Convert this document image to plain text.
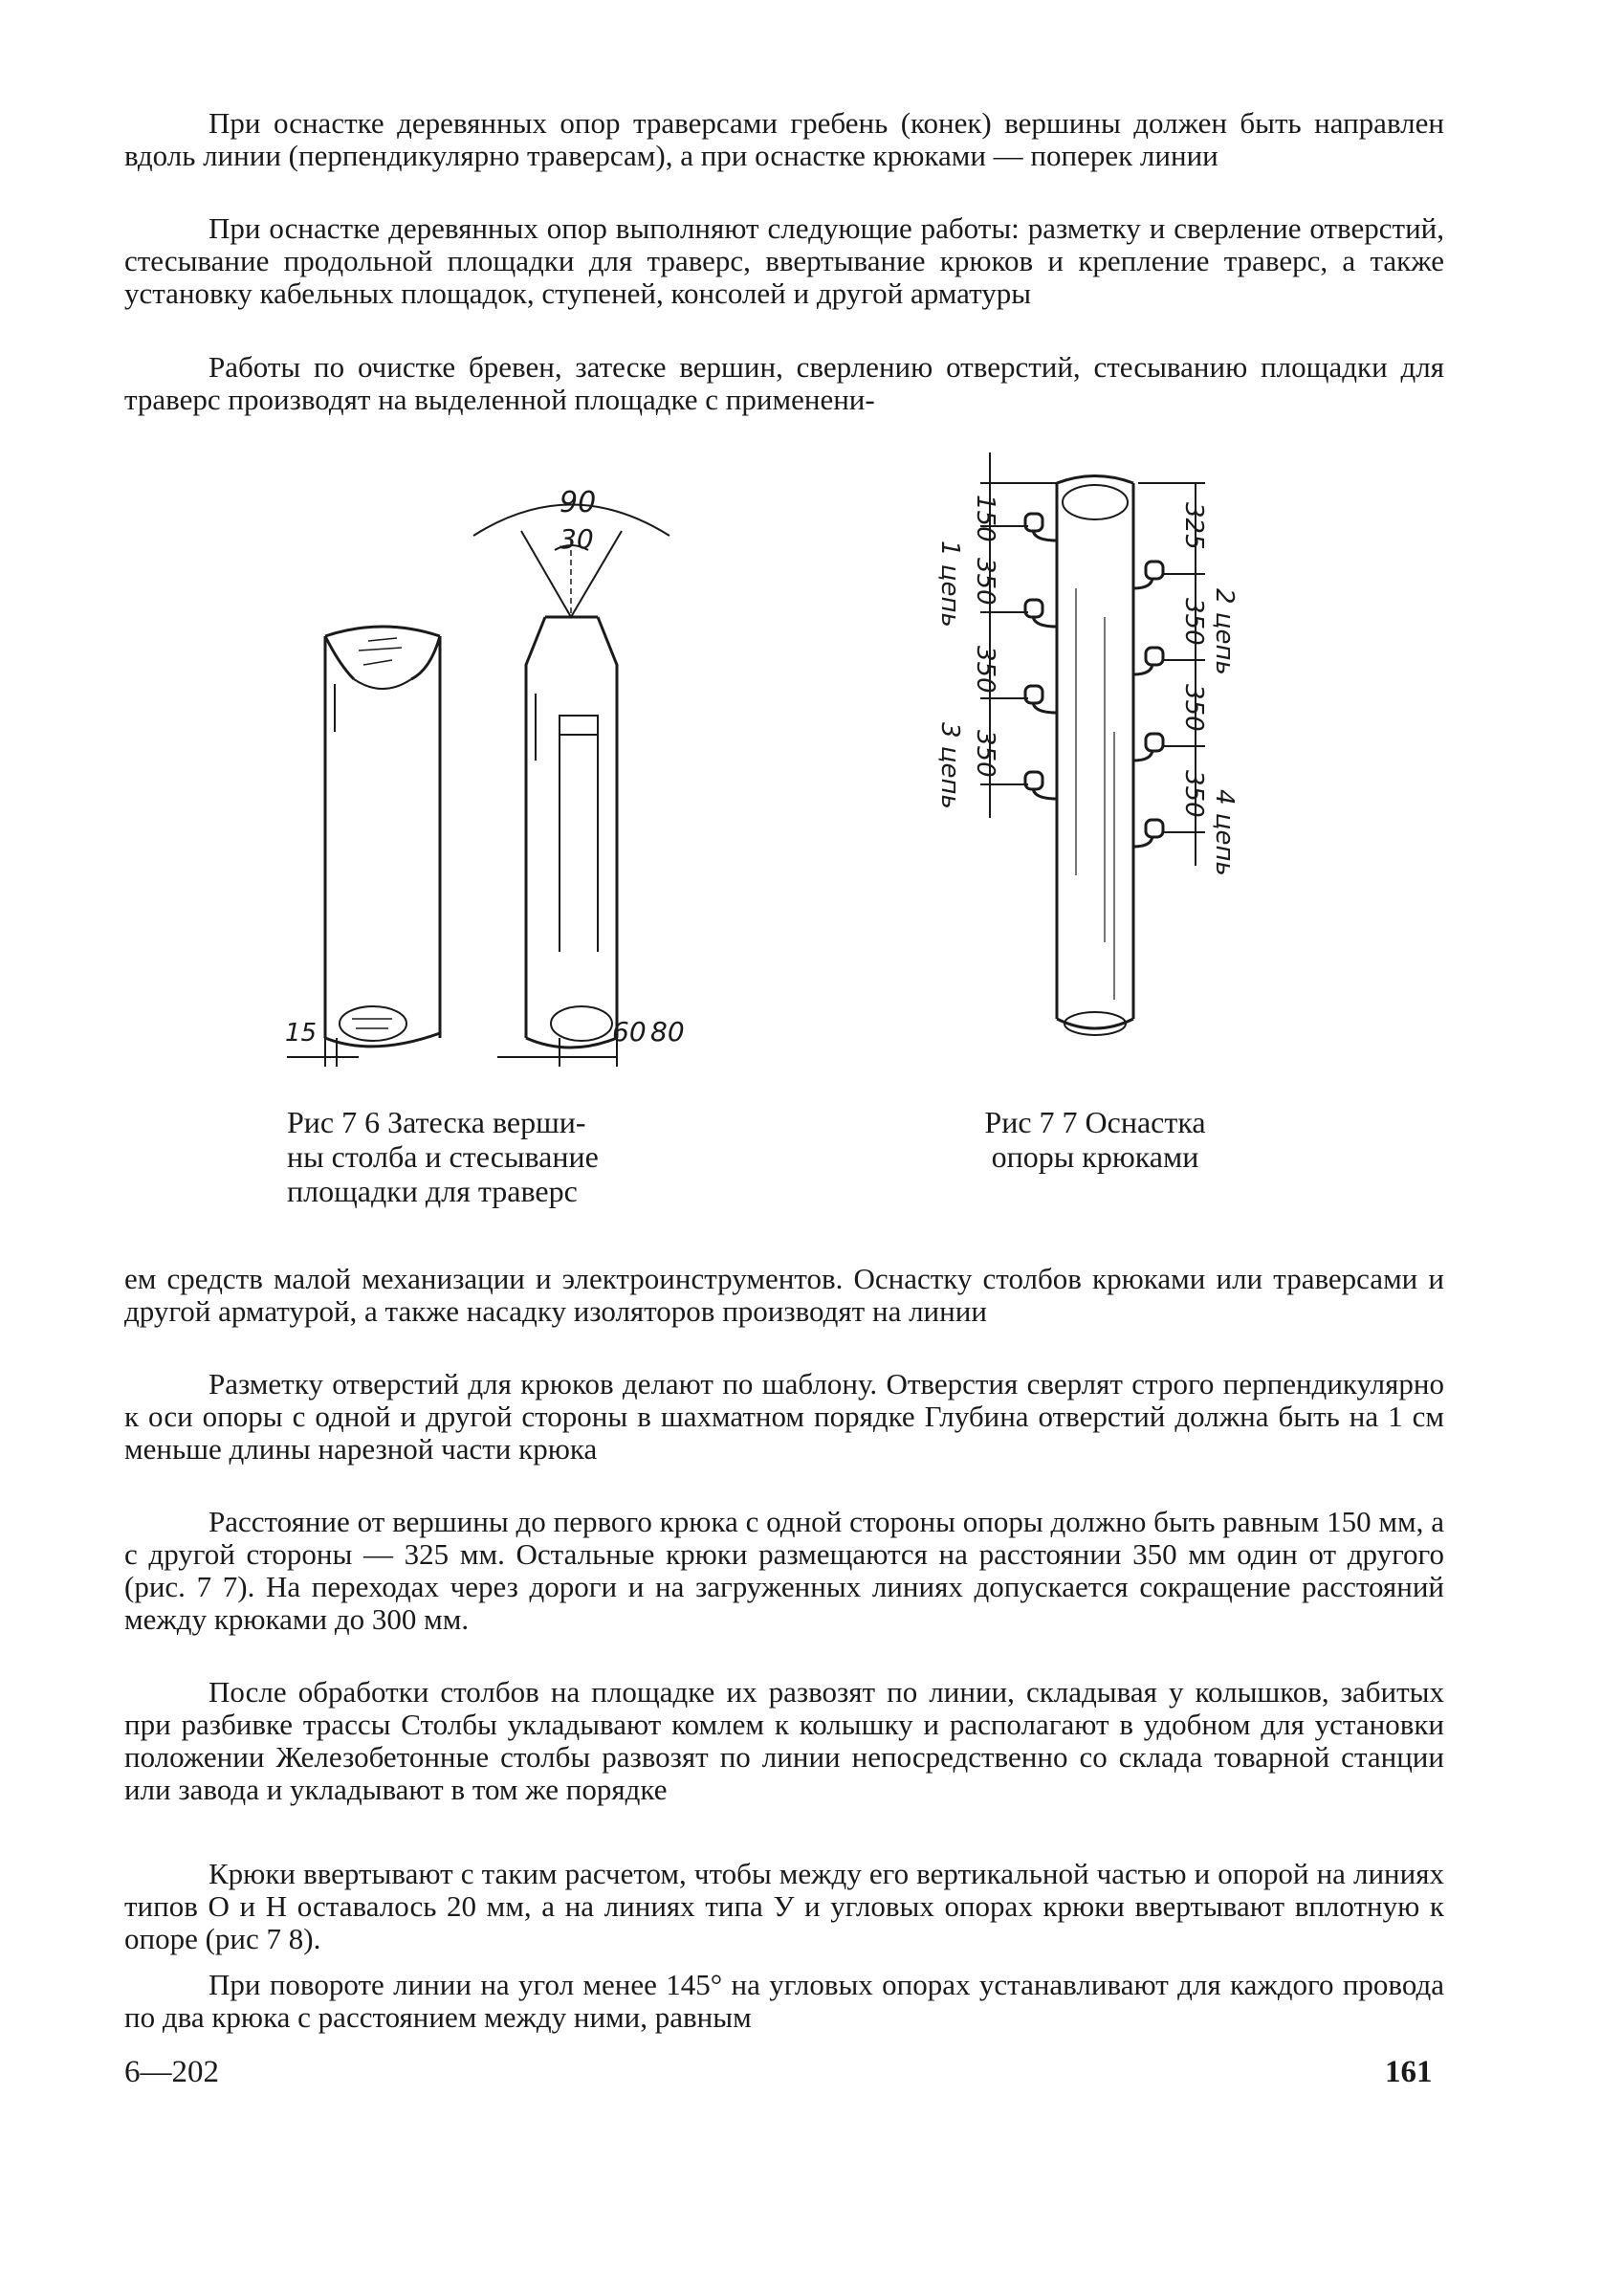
При оснастке деревянных опор траверсами гребень (конек) вершины должен быть направлен вдоль линии (перпендикулярно траверсам), а при оснастке крюками — поперек линии

При оснастке деревянных опор выполняют следующие работы: разметку и сверление отверстий, стесывание продольной площадки для траверс, ввертывание крюков и крепление траверс, а также установку кабельных площадок, ступеней, консолей и другой арматуры

Работы по очистке бревен, затеске вершин, сверлению отверстий, стесыванию площадки для траверс производят на выделенной площадке с применени-

90
30
15	60 80
Рис 7 6 Затеска верши-
ны столба и стесывание
площадки для траверс
150
350
350
350
1 цепь
3 цепь
325
350
350
350
2 цепь
4 цепь
Рис 7 7 Оснастка
опоры крюками

ем средств малой механизации и электроинструментов. Оснастку столбов крюками или траверсами и другой арматурой, а также насадку изоляторов производят на линии

Разметку отверстий для крюков делают по шаблону. Отверстия сверлят строго перпендикулярно к оси опоры с одной и другой стороны в шахматном порядке Глубина отверстий должна быть на 1 см меньше длины нарезной части крюка

Расстояние от вершины до первого крюка с одной стороны опоры должно быть равным 150 мм, а с другой стороны — 325 мм. Остальные крюки размещаются на расстоянии 350 мм один от другого (рис. 7 7). На переходах через дороги и на загруженных линиях допускается сокращение расстояний между крюками до 300 мм.

После обработки столбов на площадке их развозят по линии, складывая у колышков, забитых при разбивке трассы Столбы укладывают комлем к колышку и располагают в удобном для установки положении Железобетонные столбы развозят по линии непосредственно со склада товарной станции или завода и укладывают в том же порядке

Крюки ввертывают с таким расчетом, чтобы между его вертикальной частью и опорой на линиях типов О и Н оставалось 20 мм, а на линиях типа У и угловых опорах крюки ввертывают вплотную к опоре (рис 7 8).

При повороте линии на угол менее 145° на угловых опорах устанавливают для каждого провода по два крюка с расстоянием между ними, равным

6—202	161
